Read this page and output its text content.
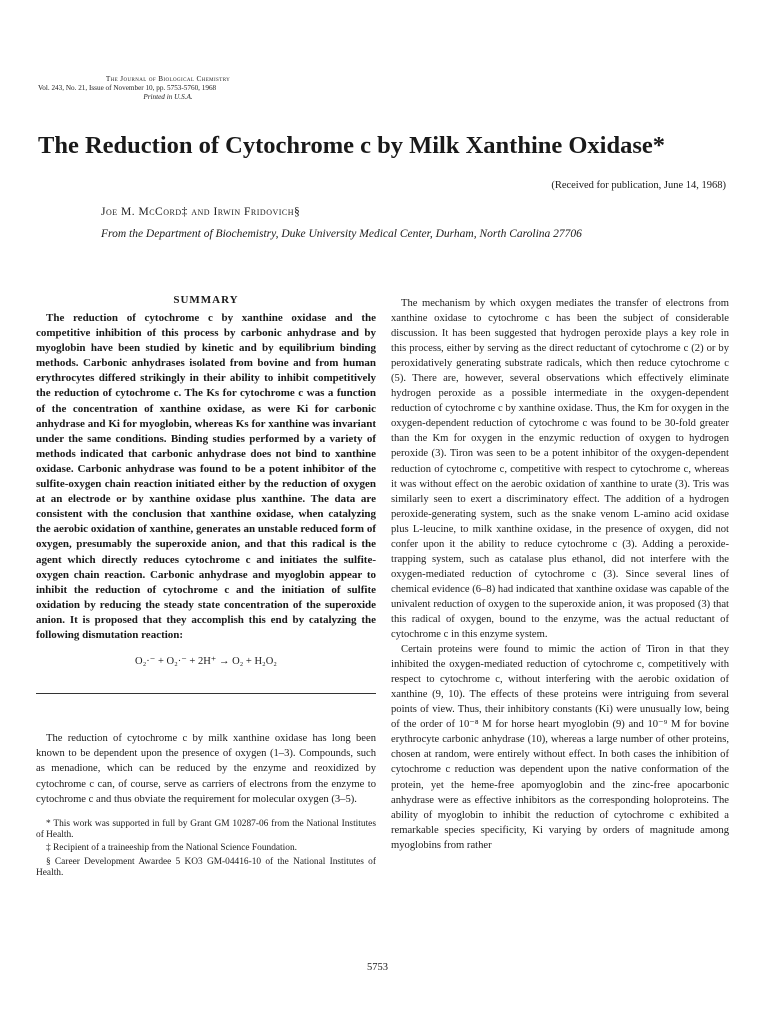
The Journal of Biological Chemistry
Vol. 243, No. 21, Issue of November 10, pp. 5753-5760, 1968
Printed in U.S.A.
The Reduction of Cytochrome c by Milk Xanthine Oxidase*
(Received for publication, June 14, 1968)
Joe M. McCord‡ and Irwin Fridovich§
From the Department of Biochemistry, Duke University Medical Center, Durham, North Carolina 27706
SUMMARY

The reduction of cytochrome c by xanthine oxidase and the competitive inhibition of this process by carbonic anhydrase and by myoglobin have been studied by kinetic and by equilibrium binding methods. Carbonic anhydrases isolated from bovine and from human erythrocytes differed strikingly in their ability to inhibit competitively the reduction of cytochrome c. The Ks for cytochrome c was a function of the concentration of xanthine oxidase, as were Ki for carbonic anhydrase and Ki for myoglobin, whereas Ks for xanthine was invariant under the same conditions. Binding studies performed by a variety of methods indicated that carbonic anhydrase does not bind to xanthine oxidase. Carbonic anhydrase was found to be a potent inhibitor of the sulfite-oxygen chain reaction initiated either by the reduction of oxygen at an electrode or by xanthine oxidase plus xanthine. The data are consistent with the conclusion that xanthine oxidase, when catalyzing the aerobic oxidation of xanthine, generates an unstable reduced form of oxygen, presumably the superoxide anion, and that this radical is the agent which directly reduces cytochrome c and initiates the sulfite-oxygen chain reaction. Carbonic anhydrase and myoglobin appear to inhibit the reduction of cytochrome c and the initiation of sulfite oxidation by reducing the steady state concentration of the superoxide anion. It is proposed that they accomplish this end by catalyzing the following dismutation reaction:

O₂·⁻ + O₂·⁻ + 2H⁺ → O₂ + H₂O₂

The reduction of cytochrome c by milk xanthine oxidase has long been known to be dependent upon the presence of oxygen (1–3). Compounds, such as menadione, which can be reduced by the enzyme and reoxidized by cytochrome c can, of course, serve as carriers of electrons from the enzyme to cytochrome c and thus obviate the requirement for molecular oxygen (3–5).

* This work was supported in full by Grant GM 10287-06 from the National Institutes of Health.

‡ Recipient of a traineeship from the National Science Foundation.

§ Career Development Awardee 5 KO3 GM-04416-10 of the National Institutes of Health.

The mechanism by which oxygen mediates the transfer of electrons from xanthine oxidase to cytochrome c has been the subject of considerable discussion. It has been suggested that hydrogen peroxide plays a key role in this process, either by serving as the direct reductant of cytochrome c (2) or by peroxidatively generating substrate radicals, which then reduce cytochrome c (5). There are, however, several observations which effectively eliminate hydrogen peroxide as a possible intermediate in the oxygen-dependent reduction of cytochrome c by xanthine oxidase. Thus, the Km for oxygen in the oxygen-dependent reduction of cytochrome c was found to be 30-fold greater than the Km for oxygen in the enzymic reduction of oxygen to hydrogen peroxide (3). Tiron was seen to be a potent inhibitor of the oxygen-dependent reduction of cytochrome c, competitive with respect to cytochrome c, whereas it was without effect on the aerobic oxidation of xanthine to urate (3). Tris was similarly seen to exert a discriminatory effect. The addition of a hydrogen peroxide-generating system, such as the snake venom L-amino acid oxidase plus L-leucine, to milk xanthine oxidase, in the presence of oxygen, did not confer upon it the ability to reduce cytochrome c (3). Adding a peroxide-trapping system, such as catalase plus ethanol, did not interfere with the oxygen-mediated reduction of cytochrome c (3). Since several lines of chemical evidence (6–8) had indicated that xanthine oxidase was capable of the univalent reduction of oxygen to the superoxide anion, it was proposed (3) that this radical of oxygen, bound to the enzyme, was the actual reductant of cytochrome c in this enzyme system.

Certain proteins were found to mimic the action of Tiron in that they inhibited the oxygen-mediated reduction of cytochrome c, competitively with respect to cytochrome c, without interfering with the aerobic oxidation of xanthine (9, 10). The effects of these proteins were intriguing from several points of view. Thus, their inhibitory constants (Ki) were unusually low, being of the order of 10⁻⁸ M for horse heart myoglobin (9) and 10⁻⁹ M for bovine erythrocyte carbonic anhydrase (10), whereas a large number of other proteins, chosen at random, were entirely without effect. In both cases the inhibition of cytochrome c reduction was dependent upon the native conformation of the protein, yet the heme-free apomyoglobin and the zinc-free apocarbonic anhydrase were as effective inhibitors as the corresponding holoproteins. The ability of myoglobin to inhibit the reduction of cytochrome c exhibited a remarkable species specificity, Ki varying by orders of magnitude among myoglobins from rather

5753
